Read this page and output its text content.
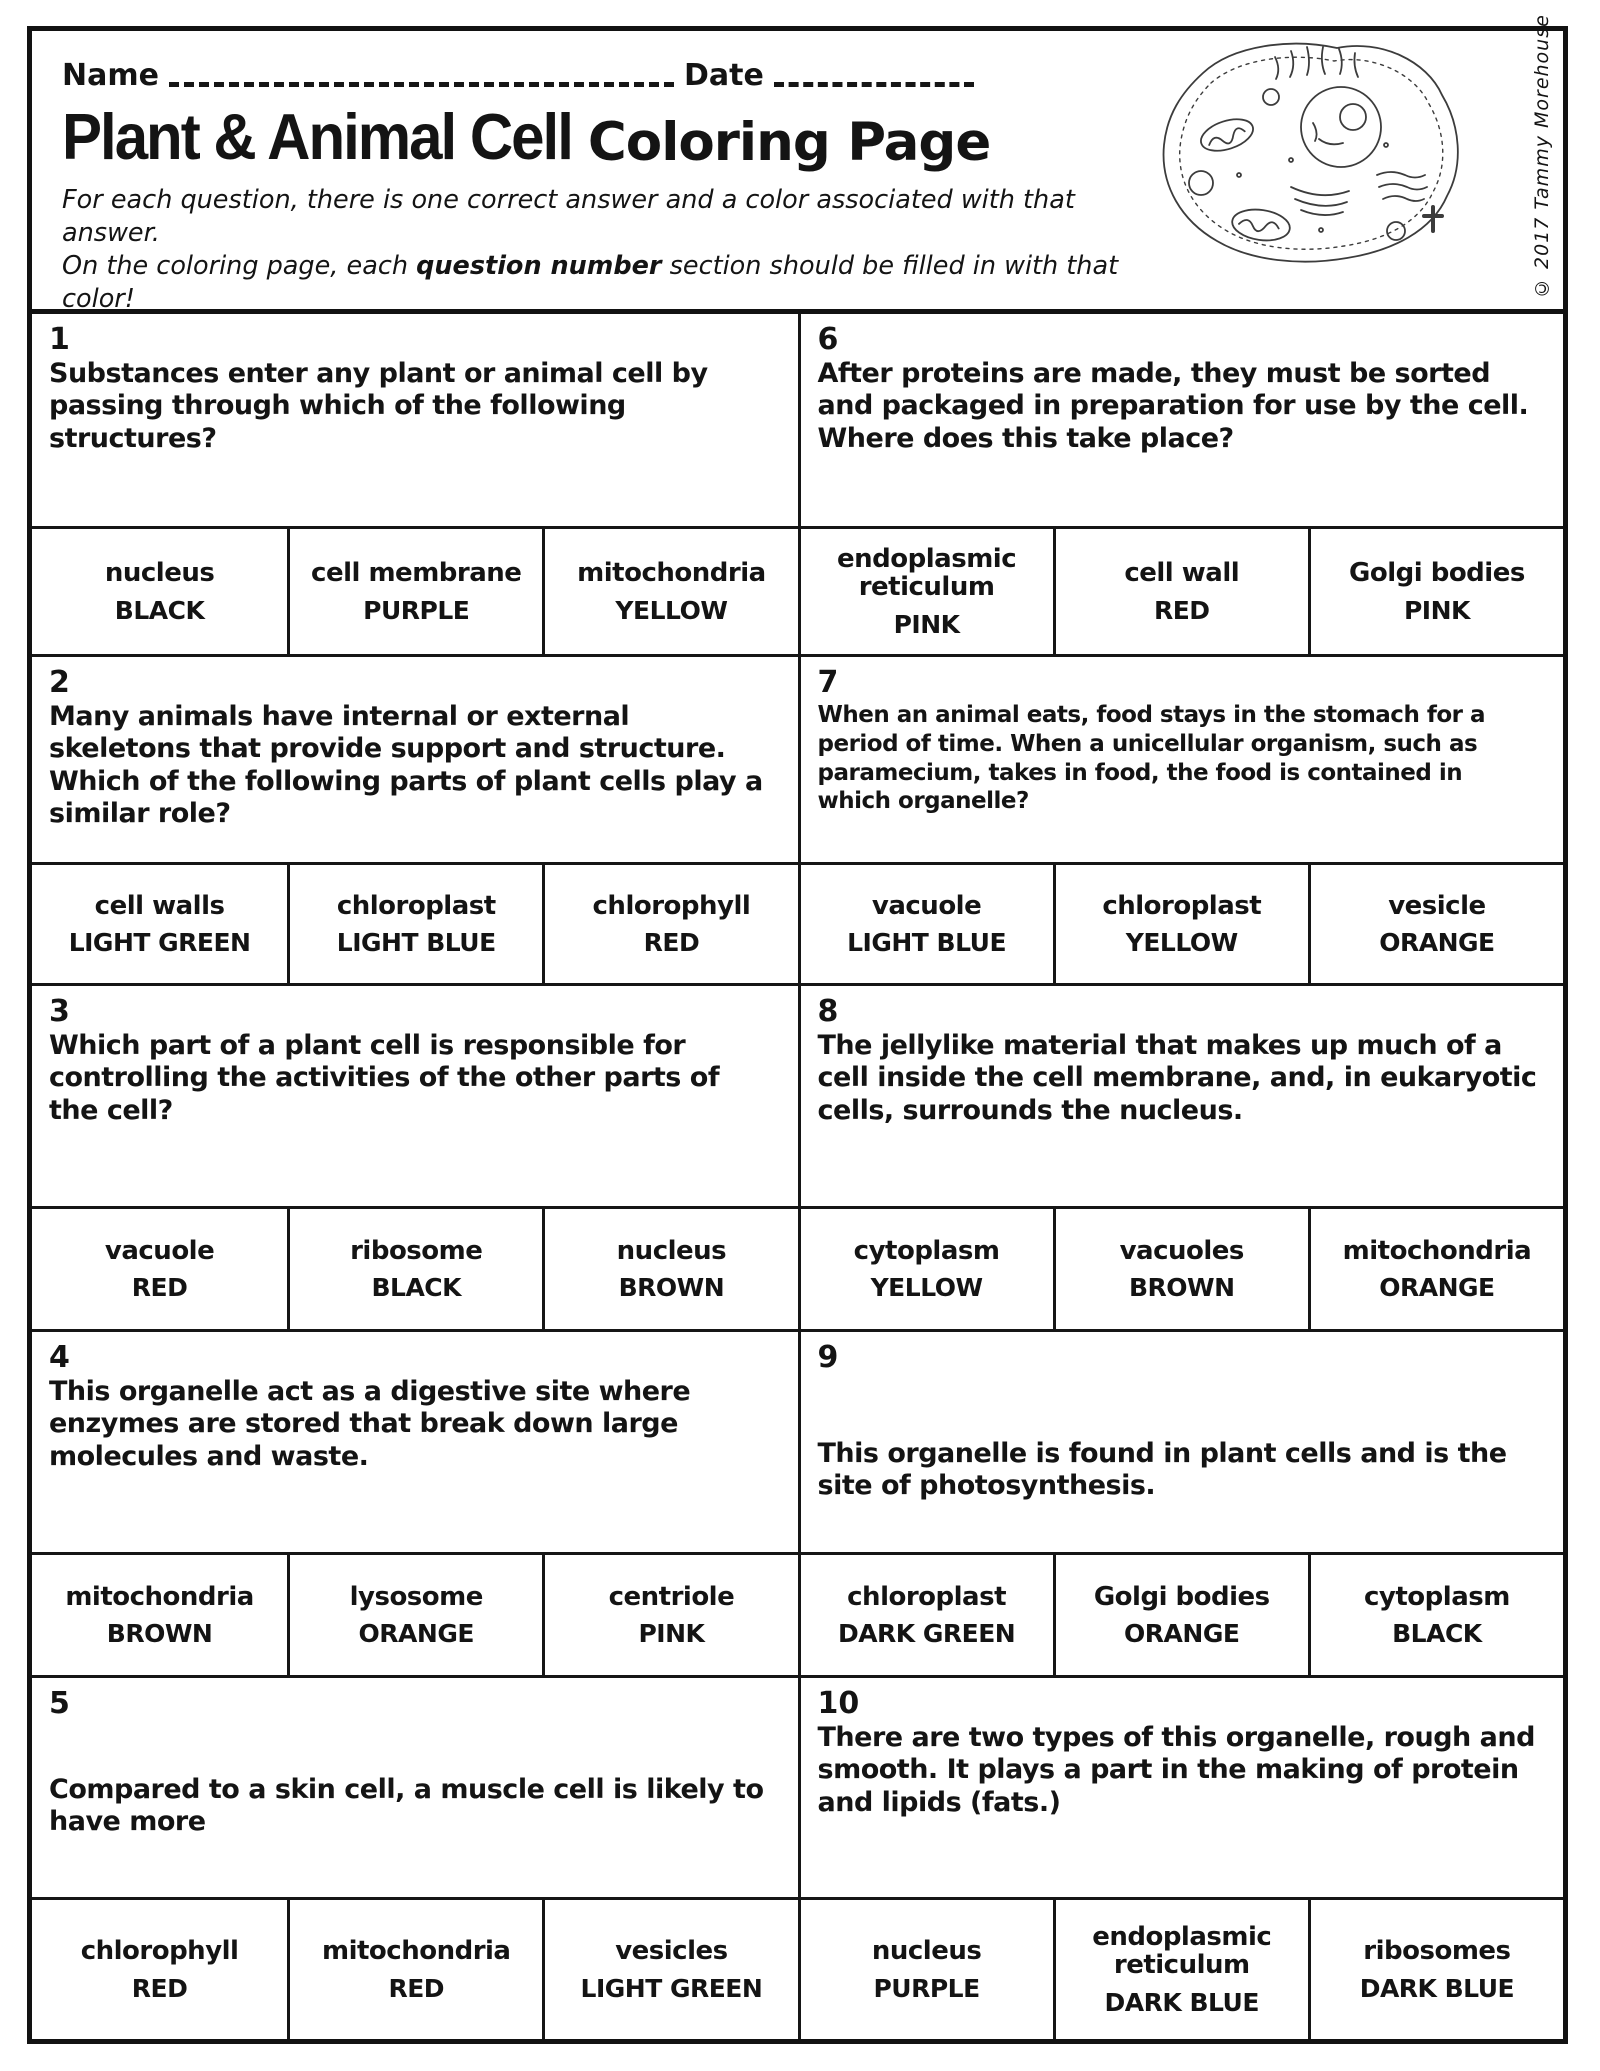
Name	Date
Plant & Animal Cell Coloring Page
For each question, there is one correct answer and a color associated with that answer.
On the coloring page, each question number section should be filled in with that color!
© 2017 Tammy Morehouse
1
Substances enter any plant or animal cell by passing through which of the following structures?
6
After proteins are made, they must be sorted and packaged in preparation for use by the cell. Where does this take place?
nucleus
BLACK
cell membrane
PURPLE
mitochondria
YELLOW
endoplasmic reticulum
PINK
cell wall
RED
Golgi bodies
PINK
2
Many animals have internal or external skeletons that provide support and structure. Which of the following parts of plant cells play a similar role?
7
When an animal eats, food stays in the stomach for a period of time. When a unicellular organism, such as paramecium, takes in food, the food is contained in which organelle?
cell walls
LIGHT GREEN
chloroplast
LIGHT BLUE
chlorophyll
RED
vacuole
LIGHT BLUE
chloroplast
YELLOW
vesicle
ORANGE
3
Which part of a plant cell is responsible for controlling the activities of the other parts of the cell?
8
The jellylike material that makes up much of a cell inside the cell membrane, and, in eukaryotic cells, surrounds the nucleus.
vacuole
RED
ribosome
BLACK
nucleus
BROWN
cytoplasm
YELLOW
vacuoles
BROWN
mitochondria
ORANGE
4
This organelle act as a digestive site where enzymes are stored that break down large molecules and waste.
9
This organelle is found in plant cells and is the site of photosynthesis.
mitochondria
BROWN
lysosome
ORANGE
centriole
PINK
chloroplast
DARK GREEN
Golgi bodies
ORANGE
cytoplasm
BLACK
5
Compared to a skin cell, a muscle cell is likely to have more
10
There are two types of this organelle, rough and smooth. It plays a part in the making of protein and lipids (fats.)
chlorophyll
RED
mitochondria
RED
vesicles
LIGHT GREEN
nucleus
PURPLE
endoplasmic reticulum
DARK BLUE
ribosomes
DARK BLUE
